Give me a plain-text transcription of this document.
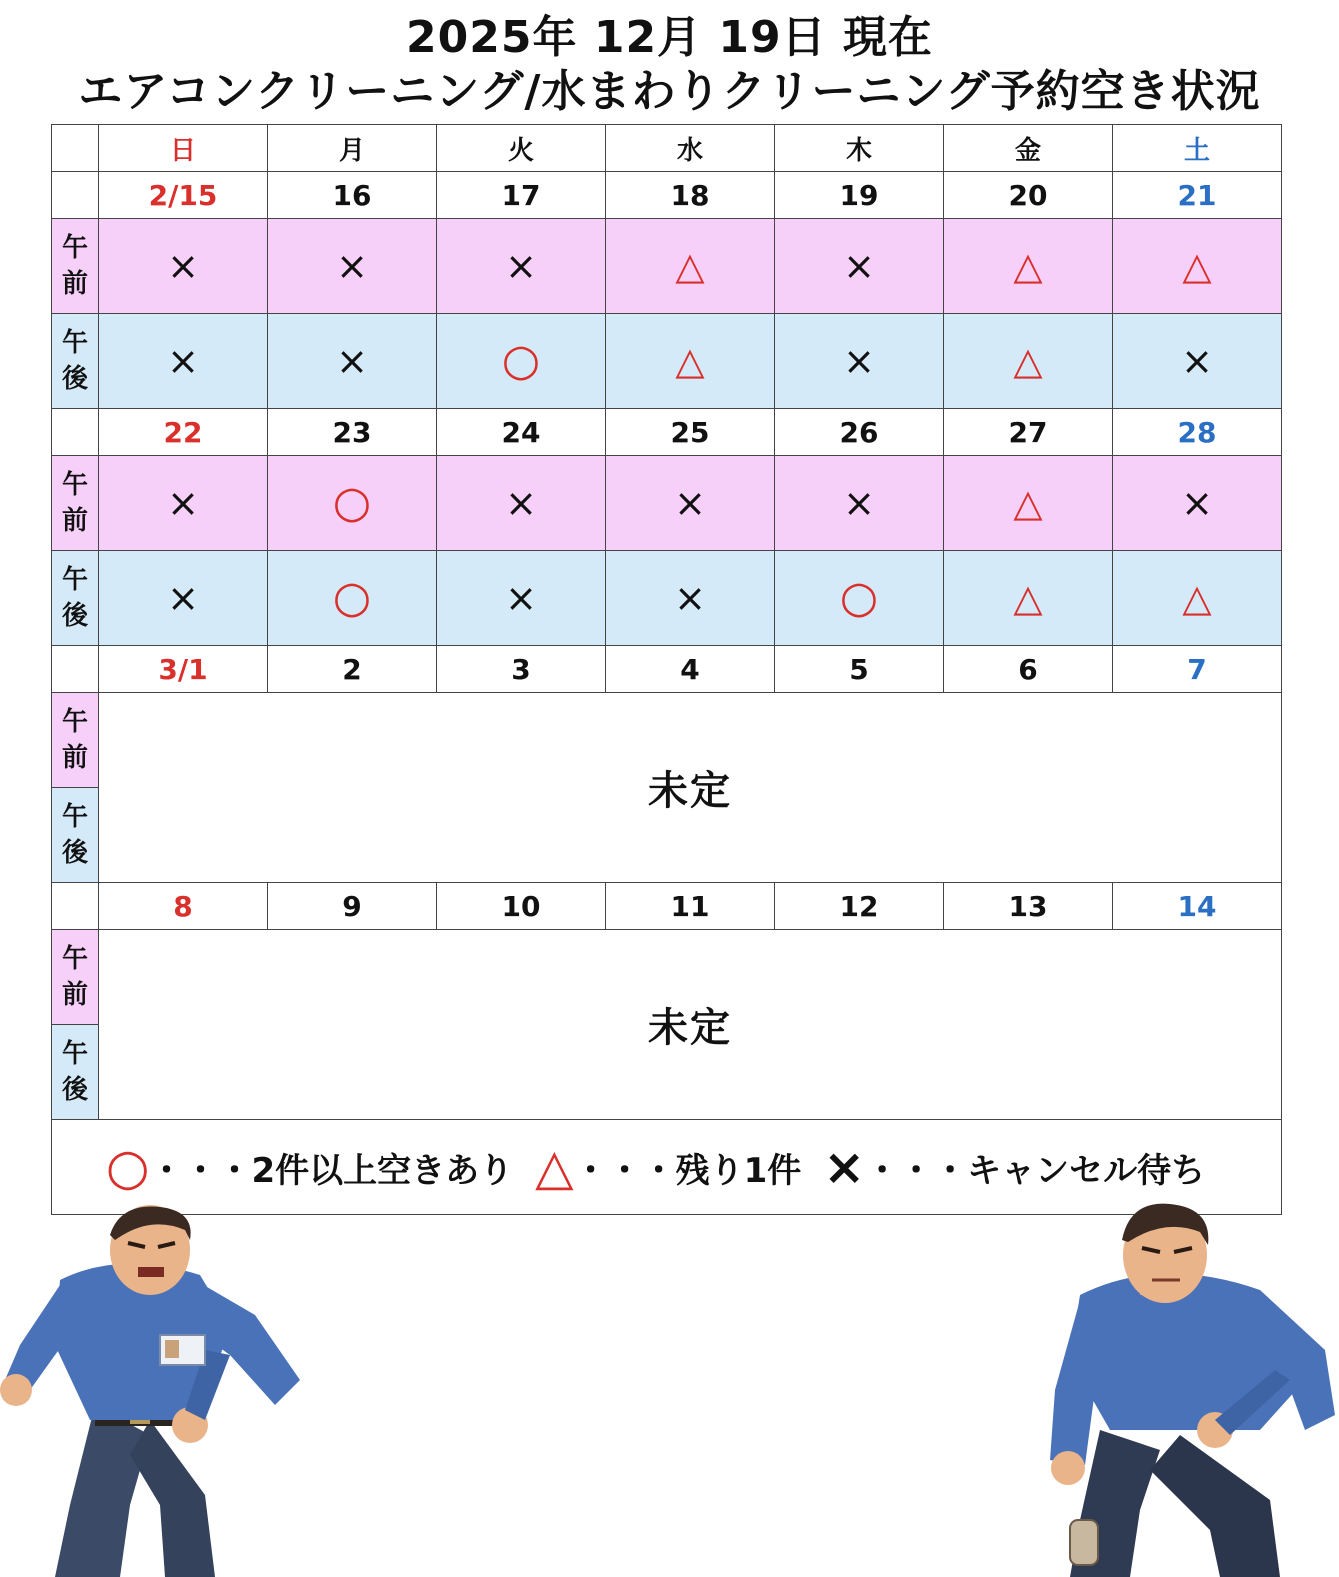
2025年 12月 19日 現在
エアコンクリーニング/水まわりクリーニング予約空き状況
	日	月	火	水	木	金	土
	2/15	16	17	18	19	20	21

午
前	×	×	×	△	×	△	△

午
後	×	×	○	△	×	△	×
	22	23	24	25	26	27	28

午
前	×	○	×	×	×	△	×

午
後	×	○	×	×	○	△	△
	3/1	2	3	4	5	6	7

午
前	未定						

午
後							

	8	9	10	11	12	13	14

午
前	未定						

午
後							

○・・・2件以上空きあり △・・・残り1件 ×・・・キャンセル待ち							
